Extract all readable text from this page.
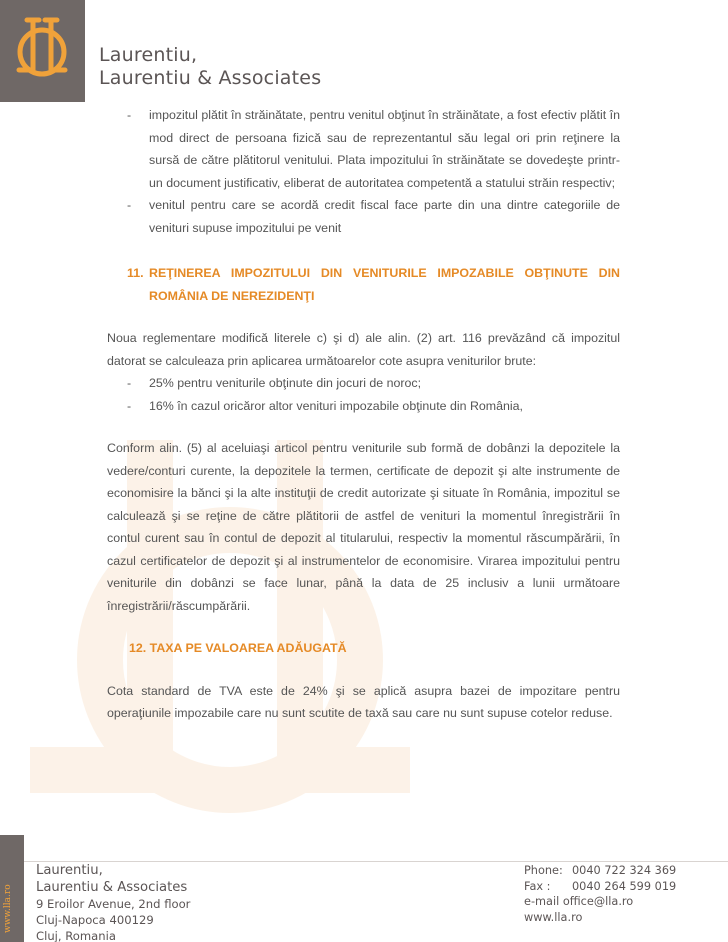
Laurentiu,
Laurentiu & Associates
- impozitul plătit în străinătate, pentru venitul obţinut în străinătate, a fost efectiv plătit în mod direct de persoana fizică sau de reprezentantul său legal ori prin reţinere la sursă de către plătitorul venitului. Plata impozitului în străinătate se dovedeşte printr-un document justificativ, eliberat de autoritatea competentă a statului străin respectiv;
- venitul pentru care se acordă credit fiscal face parte din una dintre categoriile de venituri supuse impozitului pe venit
11. REŢINEREA IMPOZITULUI DIN VENITURILE IMPOZABILE OBŢINUTE DIN ROMÂNIA DE NEREZIDENŢI
Noua reglementare modifică literele c) şi d) ale alin. (2) art. 116 prevăzând că impozitul datorat se calculeaza prin aplicarea următoarelor cote asupra veniturilor brute:
- 25% pentru veniturile obţinute din jocuri de noroc;
- 16% în cazul oricăror altor venituri impozabile obţinute din România,
Conform alin. (5) al aceluiaşi articol pentru veniturile sub formă de dobânzi la depozitele la vedere/conturi curente, la depozitele la termen, certificate de depozit şi alte instrumente de economisire la bănci şi la alte instituţii de credit autorizate şi situate în România, impozitul se calculează şi se reţine de către plătitorii de astfel de venituri la momentul înregistrării în contul curent sau în contul de depozit al titularului, respectiv la momentul răscumpărării, în cazul certificatelor de depozit şi al instrumentelor de economisire. Virarea impozitului pentru veniturile din dobânzi se face lunar, până la data de 25 inclusiv a lunii următoare înregistrării/răscumpărării.
12. TAXA PE VALOAREA ADĂUGATĂ
Cota standard de TVA este de 24% şi se aplică asupra bazei de impozitare pentru operaţiunile impozabile care nu sunt scutite de taxă sau care nu sunt supuse cotelor reduse.
www.lla.ro
Laurentiu,
Laurentiu & Associates
9 Eroilor Avenue, 2nd floor
Cluj-Napoca 400129
Cluj, Romania
Phone: 0040 722 324 369
Fax :	0040 264 599 019
e-mail office@lla.ro
www.lla.ro
